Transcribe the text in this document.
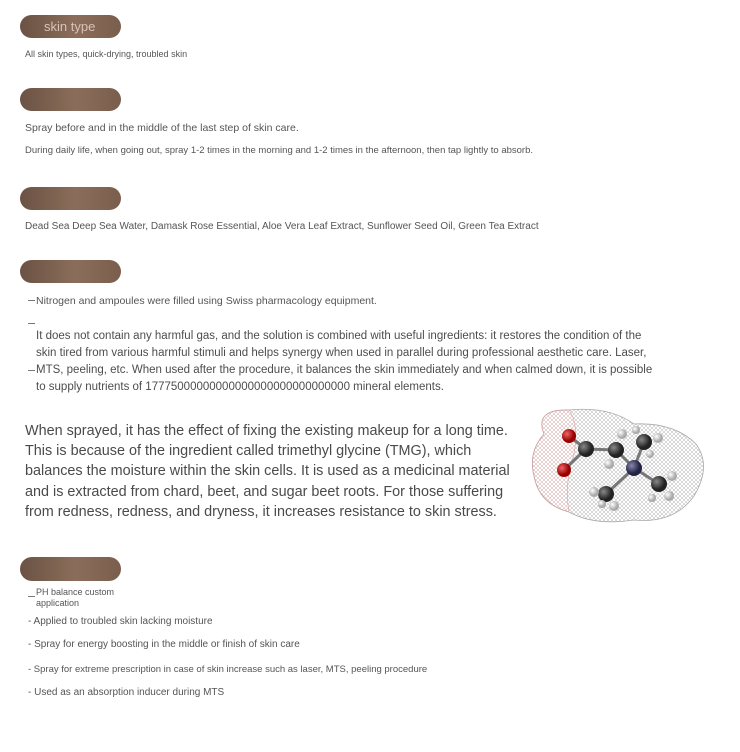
skin type
All skin types, quick-drying, troubled skin
Spray before and in the middle of the last step of skin care.
During daily life, when going out, spray 1-2 times in the morning and 1-2 times in the afternoon, then tap lightly to absorb.
Dead Sea Deep Sea Water, Damask Rose Essential, Aloe Vera Leaf Extract, Sunflower Seed Oil, Green Tea Extract
Nitrogen and ampoules were filled using Swiss pharmacology equipment.
It does not contain any harmful gas, and the solution is combined with useful ingredients: it restores the condition of the skin tired from various harmful stimuli and helps synergy when used in parallel during professional aesthetic care. Laser, MTS, peeling, etc. When used after the procedure, it balances the skin immediately and when calmed down, it is possible to supply nutrients of 17775000000000000000000000000000 mineral elements.
When sprayed, it has the effect of fixing the existing makeup for a long time. This is because of the ingredient called trimethyl glycine (TMG), which balances the moisture within the skin cells. It is used as a medicinal material and is extracted from chard, beet, and sugar beet roots. For those suffering from redness, redness, and dryness, it increases resistance to skin stress.
PH balance custom application
- Applied to troubled skin lacking moisture
- Spray for energy boosting in the middle or finish of skin care
- Spray for extreme prescription in case of skin increase such as laser, MTS, peeling procedure
- Used as an absorption inducer during MTS
